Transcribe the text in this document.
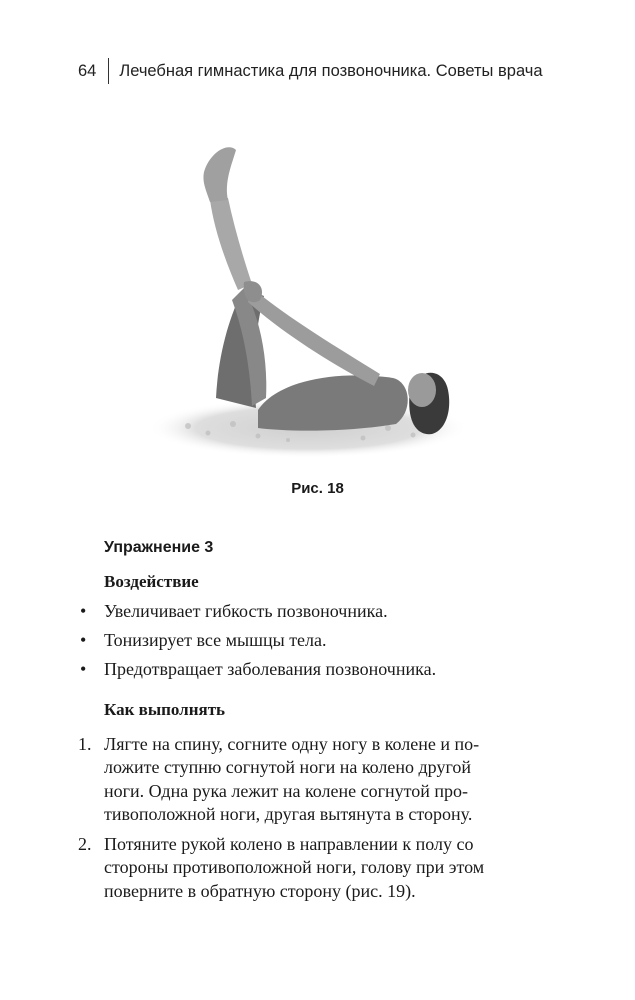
64 Лечебная гимнастика для позвоночника. Советы врача
Рис. 18
Упражнение 3
Воздействие
• Увеличивает гибкость позвоночника.
• Тонизирует все мышцы тела.
• Предотвращает заболевания позвоночника.
Как выполнять
1. Лягте на спину, согните одну ногу в колене и по-
ложите ступню согнутой ноги на колено другой
ноги. Одна рука лежит на колене согнутой про-
тивоположной ноги, другая вытянута в сторону.
2. Потяните рукой колено в направлении к полу со
стороны противоположной ноги, голову при этом
поверните в обратную сторону (рис. 19).
